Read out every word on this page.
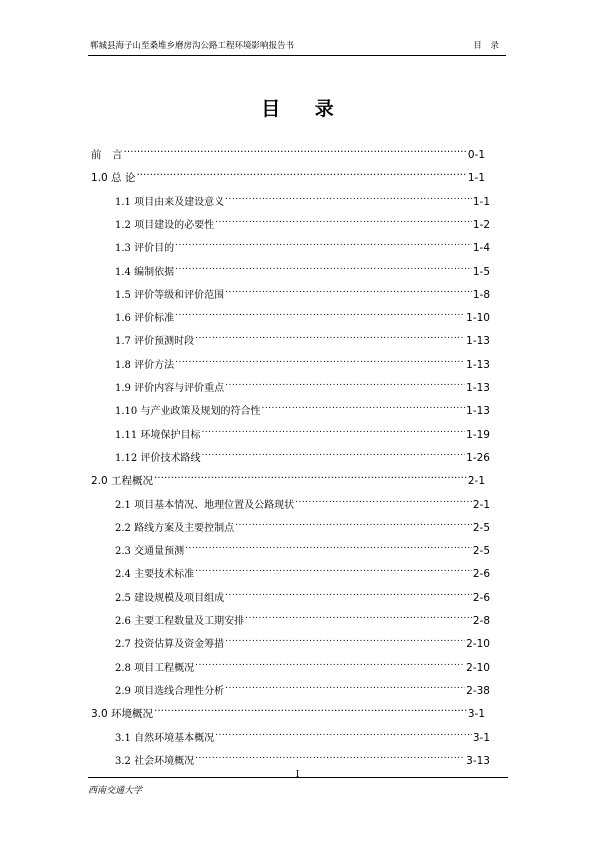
郸城县海子山至桑堆乡磨房沟公路工程环境影响报告书	目 录
目 录
前　言 ………………………………………………………………………………………………………………………………………………………………………	0-1
1.0 总 论 ………………………………………………………………………………………………………………………………………………………………………	1-1
1.1 项目由来及建设意义 .....	1-1
1.2 项目建设的必要性 .....	1-2
1.3 评价目的 .....	1-4
1.4 编制依据 .....	1-5
1.5 评价等级和评价范围 .....	1-8
1.6 评价标准 .....	1-10
1.7 评价预测时段 .....	1-13
1.8 评价方法 .....	1-13
1.9 评价内容与评价重点 .....	1-13
1.10 与产业政策及规划的符合性 .....	1-13
1.11 环境保护目标 .....	1-19
1.12 评价技术路线 .....	1-26
2.0 工程概况 ………………………………………………………………………………………………………………………………………………………………………	2-1
2.1 项目基本情况、地理位置及公路现状 .....	2-1
2.2 路线方案及主要控制点 .....	2-5
2.3 交通量预测 .....	2-5
2.4 主要技术标准 .....	2-6
2.5 建设规模及项目组成 .....	2-6
2.6 主要工程数量及工期安排 .....	2-8
2.7 投资估算及资金筹措 .....	2-10
2.8 项目工程概况 .....	2-10
2.9 项目选线合理性分析 .....	2-38
3.0 环境概况 ………………………………………………………………………………………………………………………………………………………………………	3-1
3.1 自然环境基本概况 .....	3-1
3.2 社会环境概况 .....	3-13
I
西南交通大学
